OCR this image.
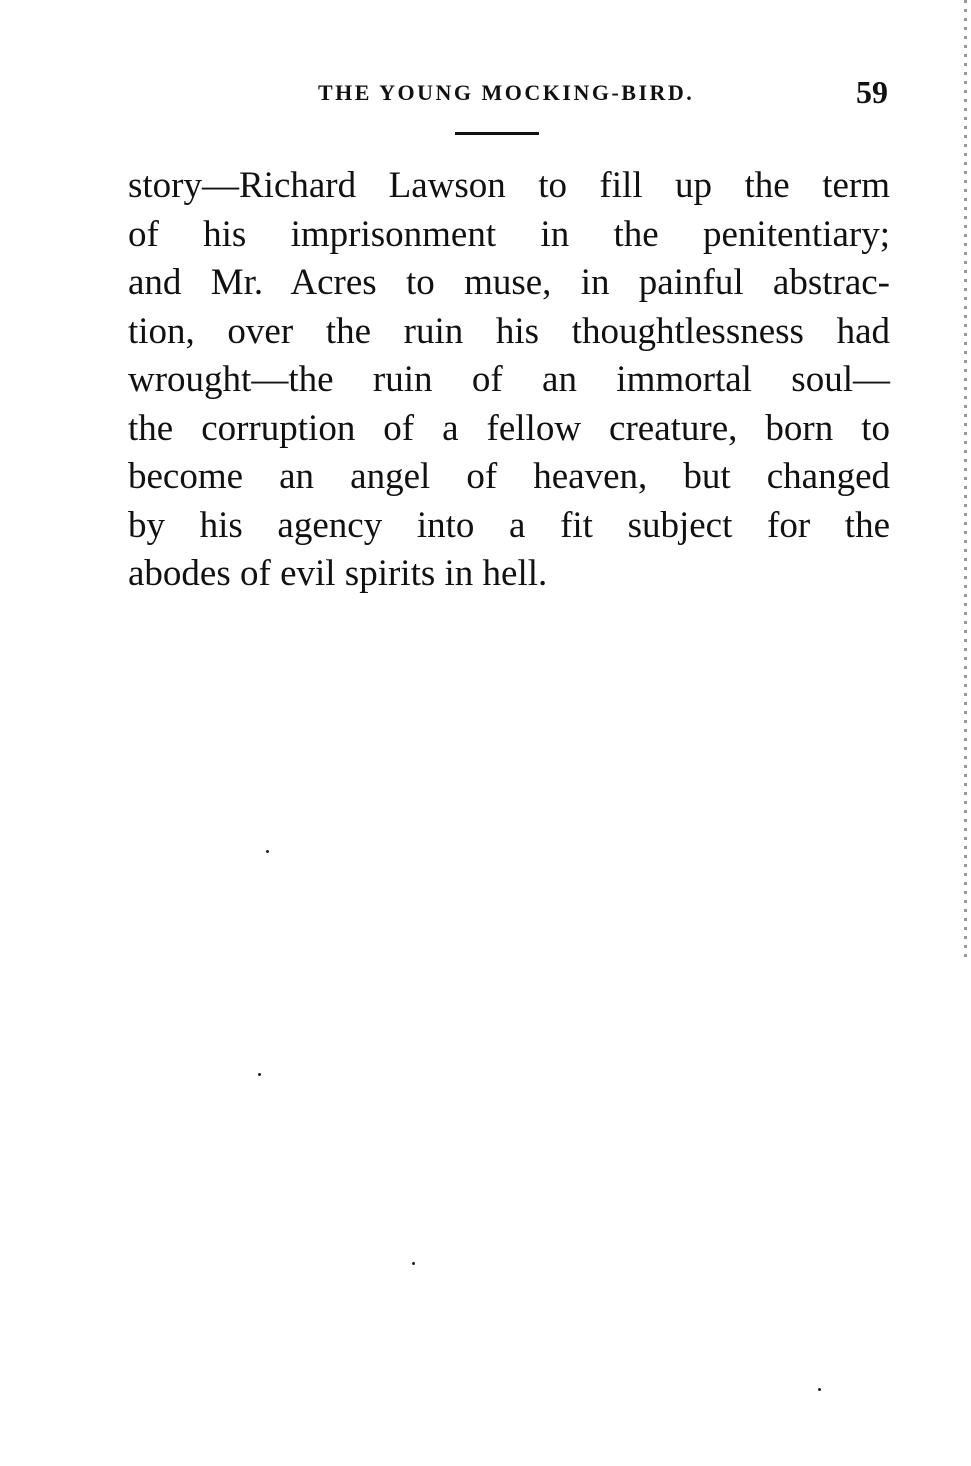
THE YOUNG MOCKING-BIRD.	59

story—Richard Lawson to fill up the term
of his imprisonment in the penitentiary;
and Mr. Acres to muse, in painful abstrac-
tion, over the ruin his thoughtlessness had
wrought—the ruin of an immortal soul—
the corruption of a fellow creature, born to
become an angel of heaven, but changed
by his agency into a fit subject for the
abodes of evil spirits in hell.
